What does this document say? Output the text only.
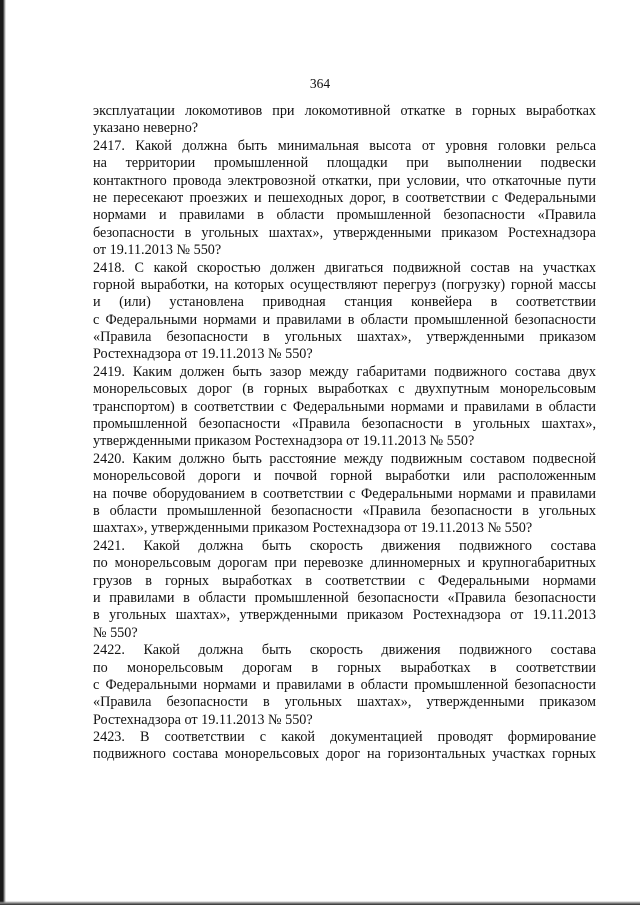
364
эксплуатации локомотивов при локомотивной откатке в горных выработках
указано неверно?
2417. Какой должна быть минимальная высота от уровня головки рельса
на территории промышленной площадки при выполнении подвески
контактного провода электровозной откатки, при условии, что откаточные пути
не пересекают проезжих и пешеходных дорог, в соответствии с Федеральными
нормами и правилами в области промышленной безопасности «Правила
безопасности в угольных шахтах», утвержденными приказом Ростехнадзора
от 19.11.2013 № 550?
2418. С какой скоростью должен двигаться подвижной состав на участках
горной выработки, на которых осуществляют перегруз (погрузку) горной массы
и (или) установлена приводная станция конвейера в соответствии
с Федеральными нормами и правилами в области промышленной безопасности
«Правила безопасности в угольных шахтах», утвержденными приказом
Ростехнадзора от 19.11.2013 № 550?
2419. Каким должен быть зазор между габаритами подвижного состава двух
монорельсовых дорог (в горных выработках с двухпутным монорельсовым
транспортом) в соответствии с Федеральными нормами и правилами в области
промышленной безопасности «Правила безопасности в угольных шахтах»,
утвержденными приказом Ростехнадзора от 19.11.2013 № 550?
2420. Каким должно быть расстояние между подвижным составом подвесной
монорельсовой дороги и почвой горной выработки или расположенным
на почве оборудованием в соответствии с Федеральными нормами и правилами
в области промышленной безопасности «Правила безопасности в угольных
шахтах», утвержденными приказом Ростехнадзора от 19.11.2013 № 550?
2421. Какой должна быть скорость движения подвижного состава
по монорельсовым дорогам при перевозке длинномерных и крупногабаритных
грузов в горных выработках в соответствии с Федеральными нормами
и правилами в области промышленной безопасности «Правила безопасности
в угольных шахтах», утвержденными приказом Ростехнадзора от 19.11.2013
№ 550?
2422. Какой должна быть скорость движения подвижного состава
по монорельсовым дорогам в горных выработках в соответствии
с Федеральными нормами и правилами в области промышленной безопасности
«Правила безопасности в угольных шахтах», утвержденными приказом
Ростехнадзора от 19.11.2013 № 550?
2423. В соответствии с какой документацией проводят формирование
подвижного состава монорельсовых дорог на горизонтальных участках горных
